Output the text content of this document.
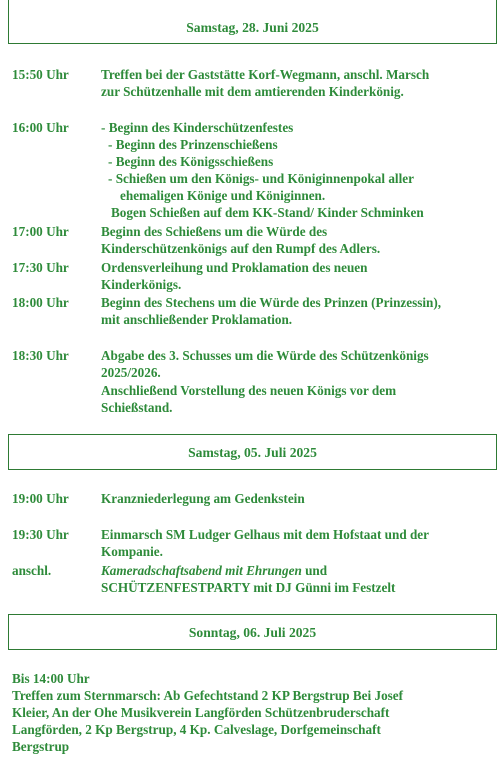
Samstag, 28. Juni 2025
15:50 Uhr Treffen bei der Gaststätte Korf-Wegmann, anschl. Marsch
zur Schützenhalle mit dem amtierenden Kinderkönig.
16:00 Uhr - Beginn des Kinderschützenfestes
- Beginn des Prinzenschießens
- Beginn des Königsschießens
- Schießen um den Königs- und Königinnenpokal aller
ehemaligen Könige und Königinnen.
Bogen Schießen auf dem KK-Stand/ Kinder Schminken
17:00 Uhr Beginn des Schießens um die Würde des
Kinderschützenkönigs auf den Rumpf des Adlers.
17:30 Uhr Ordensverleihung und Proklamation des neuen
Kinderkönigs.
18:00 Uhr Beginn des Stechens um die Würde des Prinzen (Prinzessin),
mit anschließender Proklamation.
18:30 Uhr Abgabe des 3. Schusses um die Würde des Schützenkönigs
2025/2026.
Anschließend Vorstellung des neuen Königs vor dem
Schießstand.
Samstag, 05. Juli 2025
19:00 Uhr Kranzniederlegung am Gedenkstein
19:30 Uhr Einmarsch SM Ludger Gelhaus mit dem Hofstaat und der
Kompanie.
anschl.	Kameradschaftsabend mit Ehrungen und
SCHÜTZENFESTPARTY mit DJ Günni im Festzelt
Sonntag, 06. Juli 2025
Bis 14:00 Uhr
Treffen zum Sternmarsch: Ab Gefechtstand 2 KP Bergstrup Bei Josef
Kleier, An der Ohe Musikverein Langförden Schützenbruderschaft
Langförden, 2 Kp Bergstrup, 4 Kp. Calveslage, Dorfgemeinschaft
Bergstrup
